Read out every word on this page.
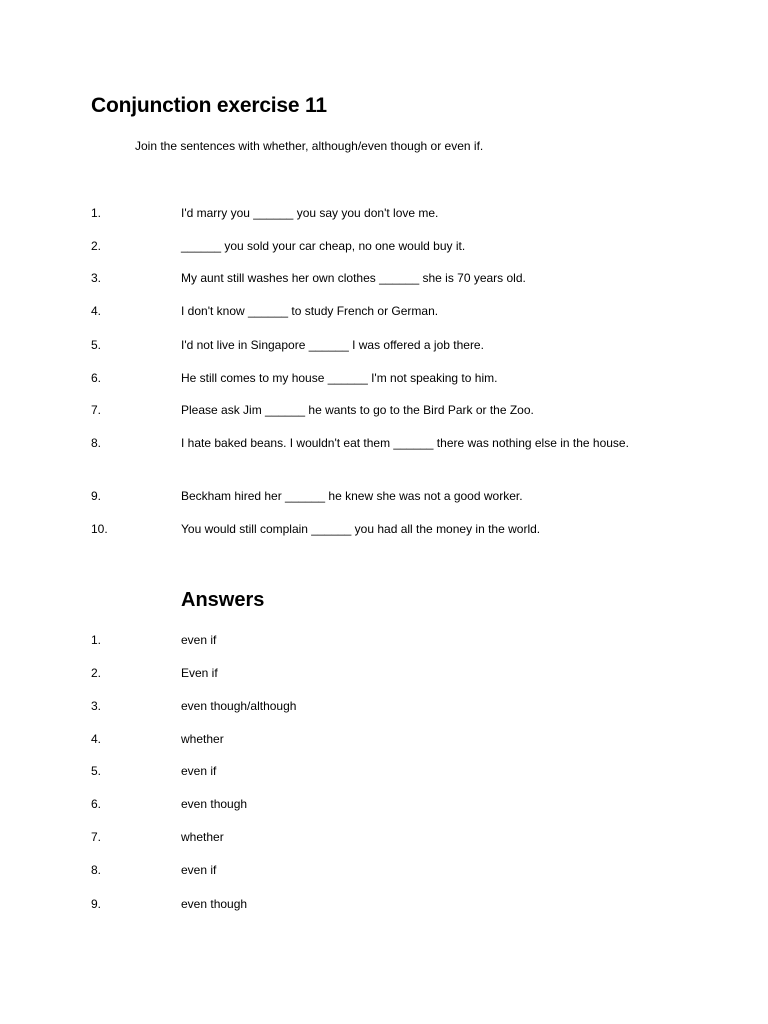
Conjunction exercise 11
Join the sentences with whether, although/even though or even if.
1.	I'd marry you ______ you say you don't love me.
2.	______ you sold your car cheap, no one would buy it.
3.	My aunt still washes her own clothes ______ she is 70 years old.
4.	I don't know ______ to study French or German.
5.	I'd not live in Singapore ______ I was offered a job there.
6.	He still comes to my house ______ I'm not speaking to him.
7.	Please ask Jim ______ he wants to go to the Bird Park or the Zoo.
8.	I hate baked beans. I wouldn't eat them ______ there was nothing else in the house.
9.	Beckham hired her ______ he knew she was not a good worker.
10.	You would still complain ______ you had all the money in the world.
Answers
1.	even if
2.	Even if
3.	even though/although
4.	whether
5.	even if
6.	even though
7.	whether
8.	even if
9.	even though
